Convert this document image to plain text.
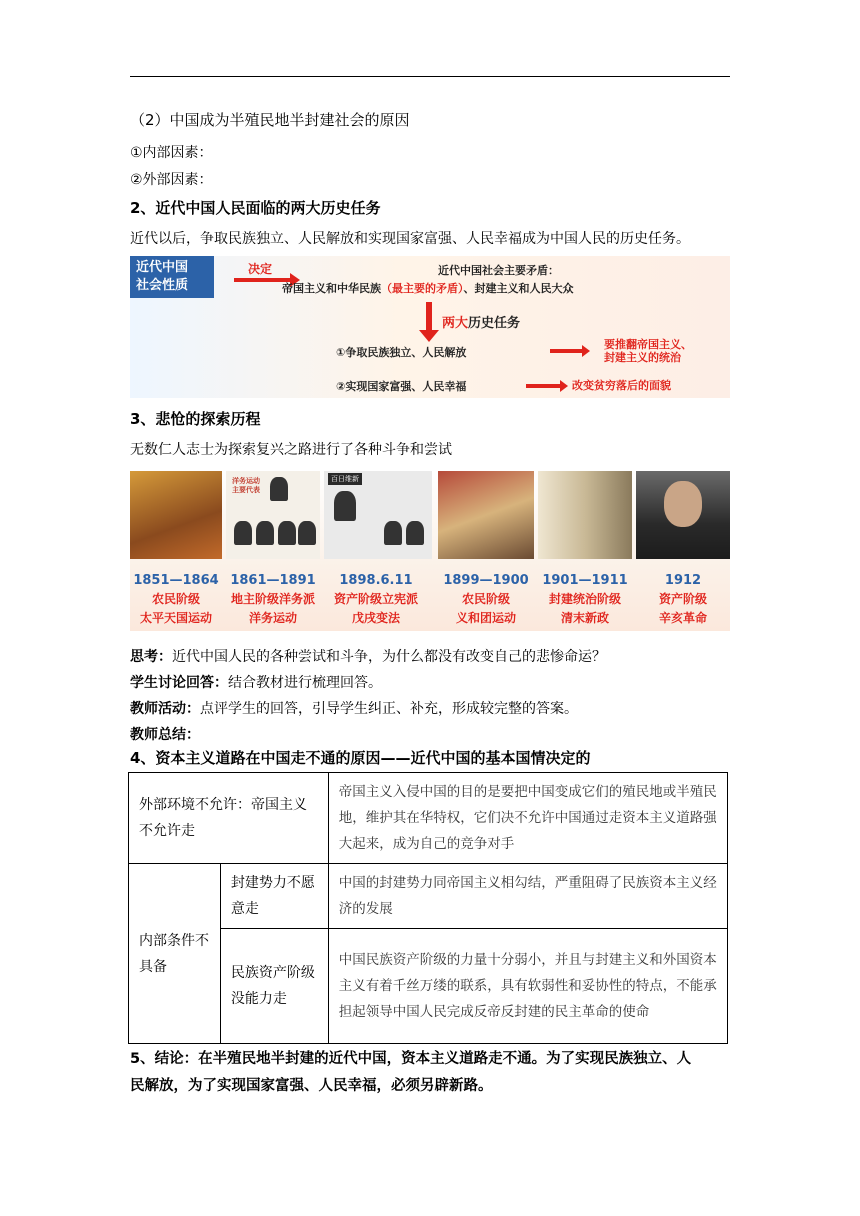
（2）中国成为半殖民地半封建社会的原因
①内部因素：
②外部因素：
2、近代中国人民面临的两大历史任务
近代以后，争取民族独立、人民解放和实现国家富强、人民幸福成为中国人民的历史任务。
近代中国
社会性质
决定	近代中国社会主要矛盾：
帝国主义和中华民族（最主要的矛盾）、封建主义和人民大众
两大历史任务
①争取民族独立、人民解放
②实现国家富强、人民幸福
要推翻帝国主义、
封建主义的统治
改变贫穷落后的面貌
3、悲怆的探索历程
无数仁人志士为探索复兴之路进行了各种斗争和尝试
洋务运动主要代表
百日维新
1851—1864
农民阶级
太平天国运动
1861—1891
地主阶级洋务派
洋务运动
1898.6.11
资产阶级立宪派
戊戌变法
1899—1900
农民阶级
义和团运动
1901—1911
封建统治阶级
清末新政
1912
资产阶级
辛亥革命
思考：近代中国人民的各种尝试和斗争，为什么都没有改变自己的悲惨命运？
学生讨论回答：结合教材进行梳理回答。
教师活动：点评学生的回答，引导学生纠正、补充，形成较完整的答案。
教师总结：
4、资本主义道路在中国走不通的原因——近代中国的基本国情决定的
外部环境不允许：帝国主义不允许走		帝国主义入侵中国的目的是要把中国变成它们的殖民地或半殖民地，维护其在华特权，它们决不允许中国通过走资本主义道路强大起来，成为自己的竞争对手
内部条件不具备	封建势力不愿意走	中国的封建势力同帝国主义相勾结，严重阻碍了民族资本主义经济的发展
	民族资产阶级没能力走	中国民族资产阶级的力量十分弱小，并且与封建主义和外国资本主义有着千丝万缕的联系，具有软弱性和妥协性的特点，不能承担起领导中国人民完成反帝反封建的民主革命的使命
5、结论：在半殖民地半封建的近代中国，资本主义道路走不通。为了实现民族独立、人
民解放，为了实现国家富强、人民幸福，必须另辟新路。
